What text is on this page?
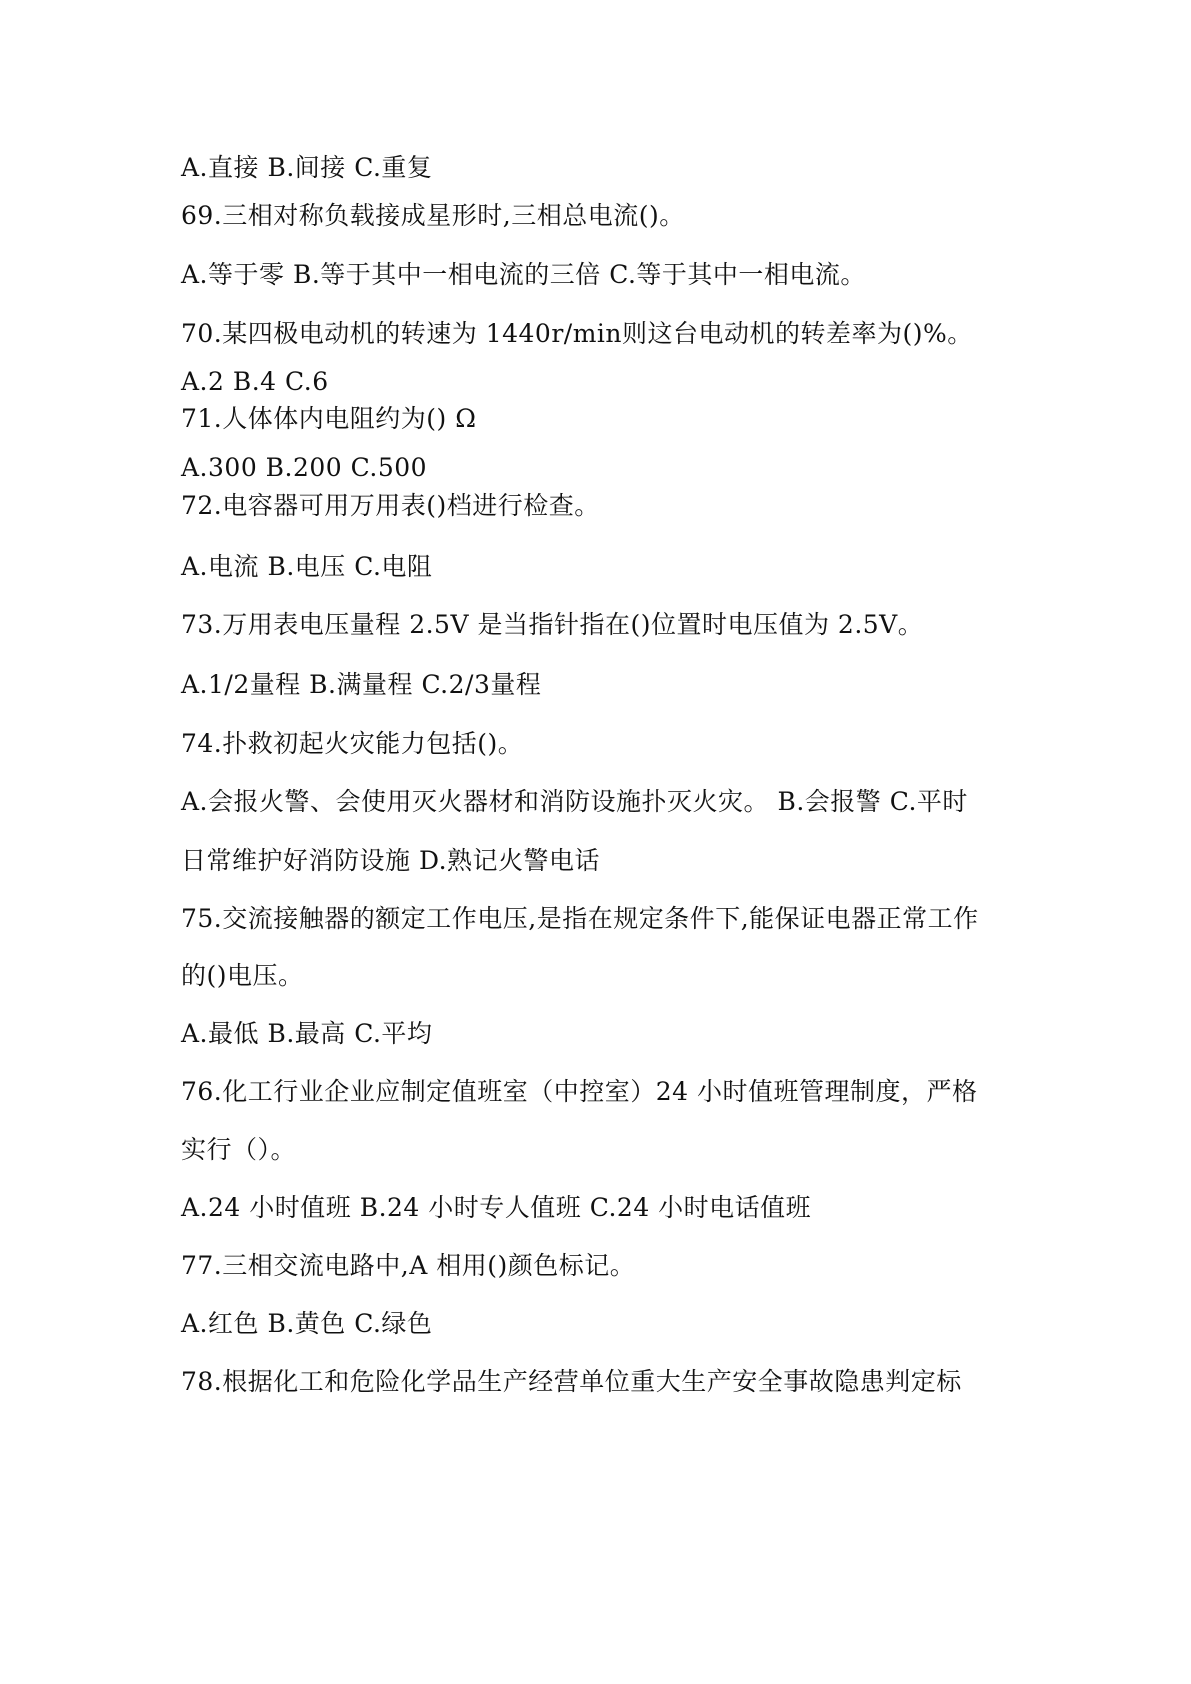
A.直接 B.间接 C.重复
69.三相对称负载接成星形时,三相总电流()。
A.等于零 B.等于其中一相电流的三倍 C.等于其中一相电流。
70.某四极电动机的转速为 1440r/min则这台电动机的转差率为()%。
A.2 B.4 C.6
71.人体体内电阻约为() Ω
A.300 B.200 C.500
72.电容器可用万用表()档进行检查。
A.电流 B.电压 C.电阻
73.万用表电压量程 2.5V 是当指针指在()位置时电压值为 2.5V。
A.1/2量程 B.满量程 C.2/3量程
74.扑救初起火灾能力包括()。
A.会报火警、会使用灭火器材和消防设施扑灭火灾。 B.会报警 C.平时
日常维护好消防设施 D.熟记火警电话
75.交流接触器的额定工作电压,是指在规定条件下,能保证电器正常工作
的()电压。
A.最低 B.最高 C.平均
76.化工行业企业应制定值班室（中控室）24 小时值班管理制度，严格
实行（）。
A.24 小时值班 B.24 小时专人值班 C.24 小时电话值班
77.三相交流电路中,A 相用()颜色标记。
A.红色 B.黄色 C.绿色
78.根据化工和危险化学品生产经营单位重大生产安全事故隐患判定标
